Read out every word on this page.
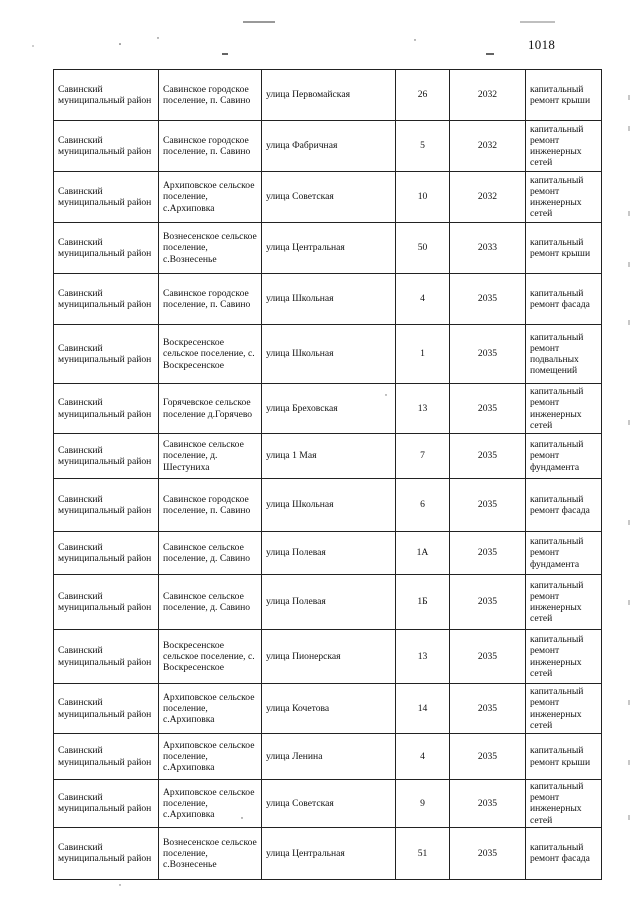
1018
Савинский муниципальный район	Савинское городское поселение, п. Савино	улица Первомайская	26	2032	капитальный ремонт крыши
Савинский муниципальный район	Савинское городское поселение, п. Савино	улица Фабричная	5	2032	капитальный ремонт инженерных сетей
Савинский муниципальный район	Архиповское сельское поселение, с.Архиповка	улица Советская	10	2032	капитальный ремонт инженерных сетей
Савинский муниципальный район	Вознесенское сельское поселение, с.Вознесенье	улица Центральная	50	2033	капитальный ремонт крыши
Савинский муниципальный район	Савинское городское поселение, п. Савино	улица Школьная	4	2035	капитальный ремонт фасада
Савинский муниципальный район	Воскресенское сельское поселение, с. Воскресенское	улица Школьная	1	2035	капитальный ремонт подвальных помещений
Савинский муниципальный район	Горячевское сельское поселение д.Горячево	улица Бреховская	13	2035	капитальный ремонт инженерных сетей
Савинский муниципальный район	Савинское сельское поселение, д. Шестуниха	улица 1 Мая	7	2035	капитальный ремонт фундамента
Савинский муниципальный район	Савинское городское поселение, п. Савино	улица Школьная	6	2035	капитальный ремонт фасада
Савинский муниципальный район	Савинское сельское поселение, д. Савино	улица Полевая	1А	2035	капитальный ремонт фундамента
Савинский муниципальный район	Савинское сельское поселение, д. Савино	улица Полевая	1Б	2035	капитальный ремонт инженерных сетей
Савинский муниципальный район	Воскресенское сельское поселение, с. Воскресенское	улица Пионерская	13	2035	капитальный ремонт инженерных сетей
Савинский муниципальный район	Архиповское сельское поселение, с.Архиповка	улица Кочетова	14	2035	капитальный ремонт инженерных сетей
Савинский муниципальный район	Архиповское сельское поселение, с.Архиповка	улица Ленина	4	2035	капитальный ремонт крыши
Савинский муниципальный район	Архиповское сельское поселение, с.Архиповка	улица Советская	9	2035	капитальный ремонт инженерных сетей
Савинский муниципальный район	Вознесенское сельское поселение, с.Вознесенье	улица Центральная	51	2035	капитальный ремонт фасада
